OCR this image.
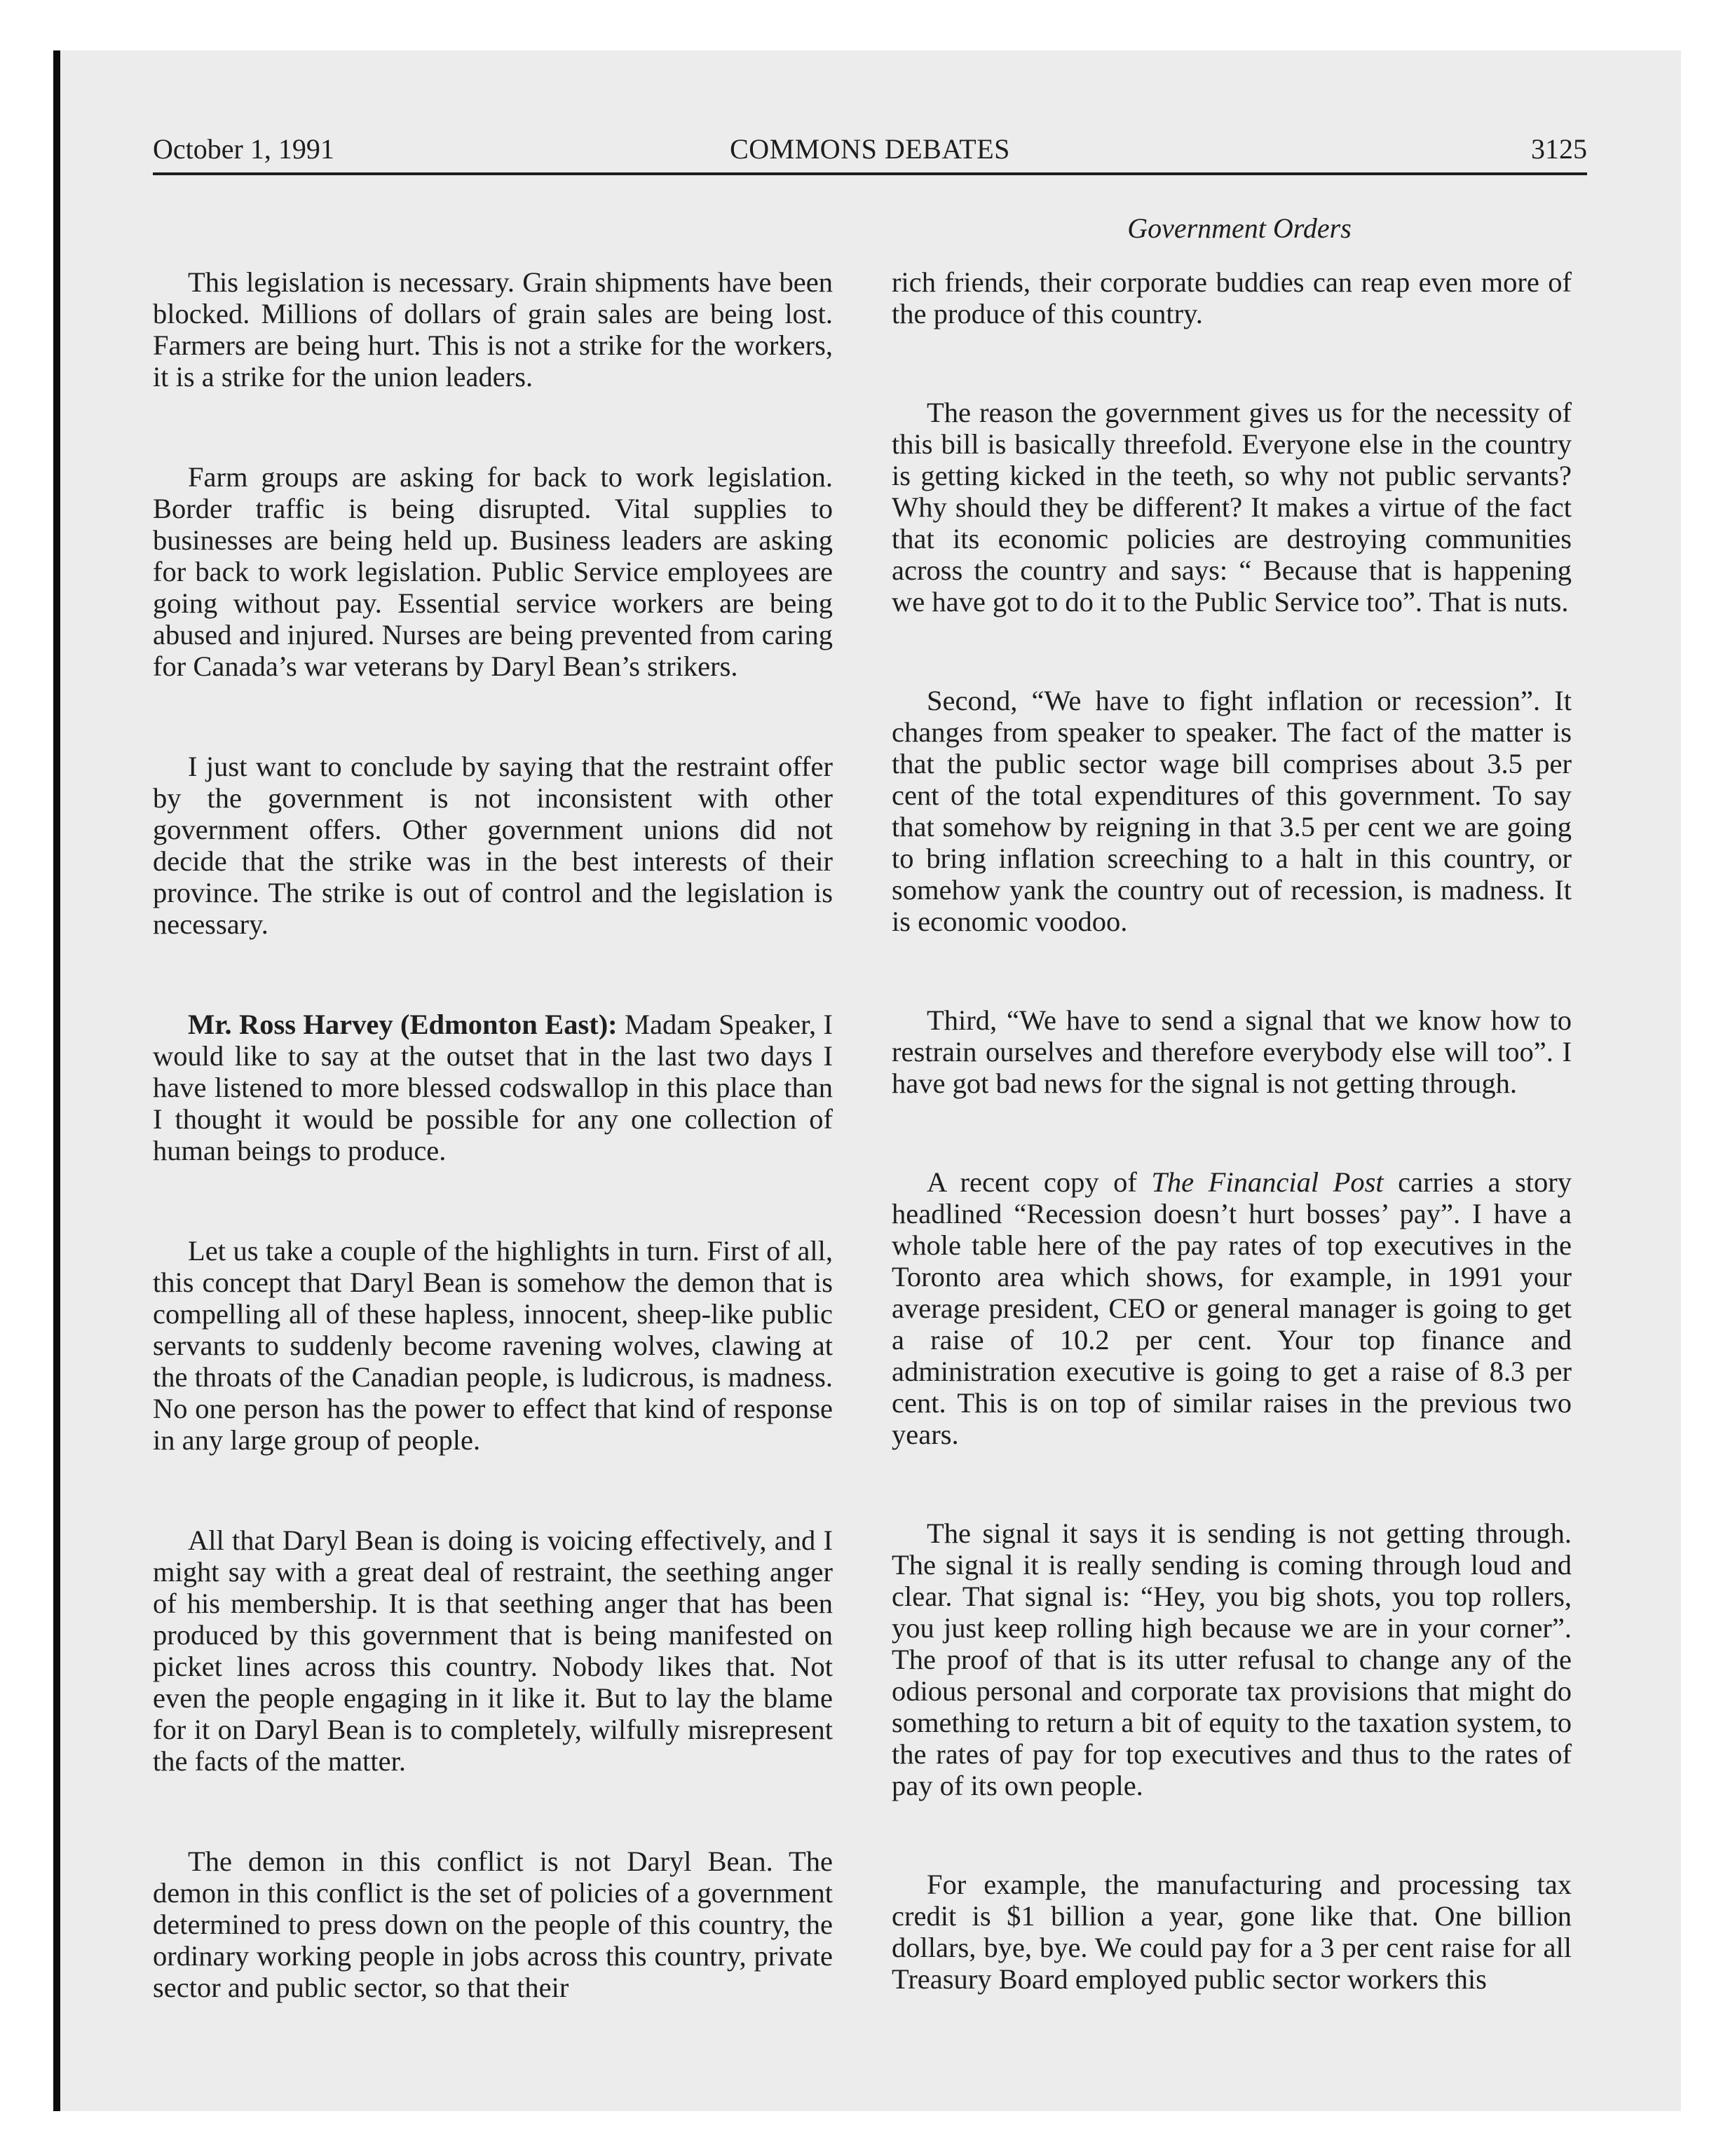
October 1, 1991	COMMONS DEBATES	3125
Government Orders

This legislation is necessary. Grain shipments have been blocked. Millions of dollars of grain sales are being lost. Farmers are being hurt. This is not a strike for the workers, it is a strike for the union leaders.

Farm groups are asking for back to work legislation. Border traffic is being disrupted. Vital supplies to businesses are being held up. Business leaders are asking for back to work legislation. Public Service employees are going without pay. Essential service workers are being abused and injured. Nurses are being prevented from caring for Canada’s war veterans by Daryl Bean’s strikers.

I just want to conclude by saying that the restraint offer by the government is not inconsistent with other government offers. Other government unions did not decide that the strike was in the best interests of their province. The strike is out of control and the legislation is necessary.

Mr. Ross Harvey (Edmonton East): Madam Speaker, I would like to say at the outset that in the last two days I have listened to more blessed codswallop in this place than I thought it would be possible for any one collection of human beings to produce.

Let us take a couple of the highlights in turn. First of all, this concept that Daryl Bean is somehow the demon that is compelling all of these hapless, innocent, sheep-like public servants to suddenly become ravening wolves, clawing at the throats of the Canadian people, is ludicrous, is madness. No one person has the power to effect that kind of response in any large group of people.

All that Daryl Bean is doing is voicing effectively, and I might say with a great deal of restraint, the seething anger of his membership. It is that seething anger that has been produced by this government that is being manifested on picket lines across this country. Nobody likes that. Not even the people engaging in it like it. But to lay the blame for it on Daryl Bean is to completely, wilfully misrepresent the facts of the matter.

The demon in this conflict is not Daryl Bean. The demon in this conflict is the set of policies of a government determined to press down on the people of this country, the ordinary working people in jobs across this country, private sector and public sector, so that their

rich friends, their corporate buddies can reap even more of the produce of this country.

The reason the government gives us for the necessity of this bill is basically threefold. Everyone else in the country is getting kicked in the teeth, so why not public servants? Why should they be different? It makes a virtue of the fact that its economic policies are destroying communities across the country and says: “ Because that is happening we have got to do it to the Public Service too”. That is nuts.

Second, “We have to fight inflation or recession”. It changes from speaker to speaker. The fact of the matter is that the public sector wage bill comprises about 3.5 per cent of the total expenditures of this government. To say that somehow by reigning in that 3.5 per cent we are going to bring inflation screeching to a halt in this country, or somehow yank the country out of recession, is madness. It is economic voodoo.

Third, “We have to send a signal that we know how to restrain ourselves and therefore everybody else will too”. I have got bad news for the signal is not getting through.

A recent copy of The Financial Post carries a story headlined “Recession doesn’t hurt bosses’ pay”. I have a whole table here of the pay rates of top executives in the Toronto area which shows, for example, in 1991 your average president, CEO or general manager is going to get a raise of 10.2 per cent. Your top finance and administration executive is going to get a raise of 8.3 per cent. This is on top of similar raises in the previous two years.

The signal it says it is sending is not getting through. The signal it is really sending is coming through loud and clear. That signal is: “Hey, you big shots, you top rollers, you just keep rolling high because we are in your corner”. The proof of that is its utter refusal to change any of the odious personal and corporate tax provisions that might do something to return a bit of equity to the taxation system, to the rates of pay for top executives and thus to the rates of pay of its own people.

For example, the manufacturing and processing tax credit is $1 billion a year, gone like that. One billion dollars, bye, bye. We could pay for a 3 per cent raise for all Treasury Board employed public sector workers this
